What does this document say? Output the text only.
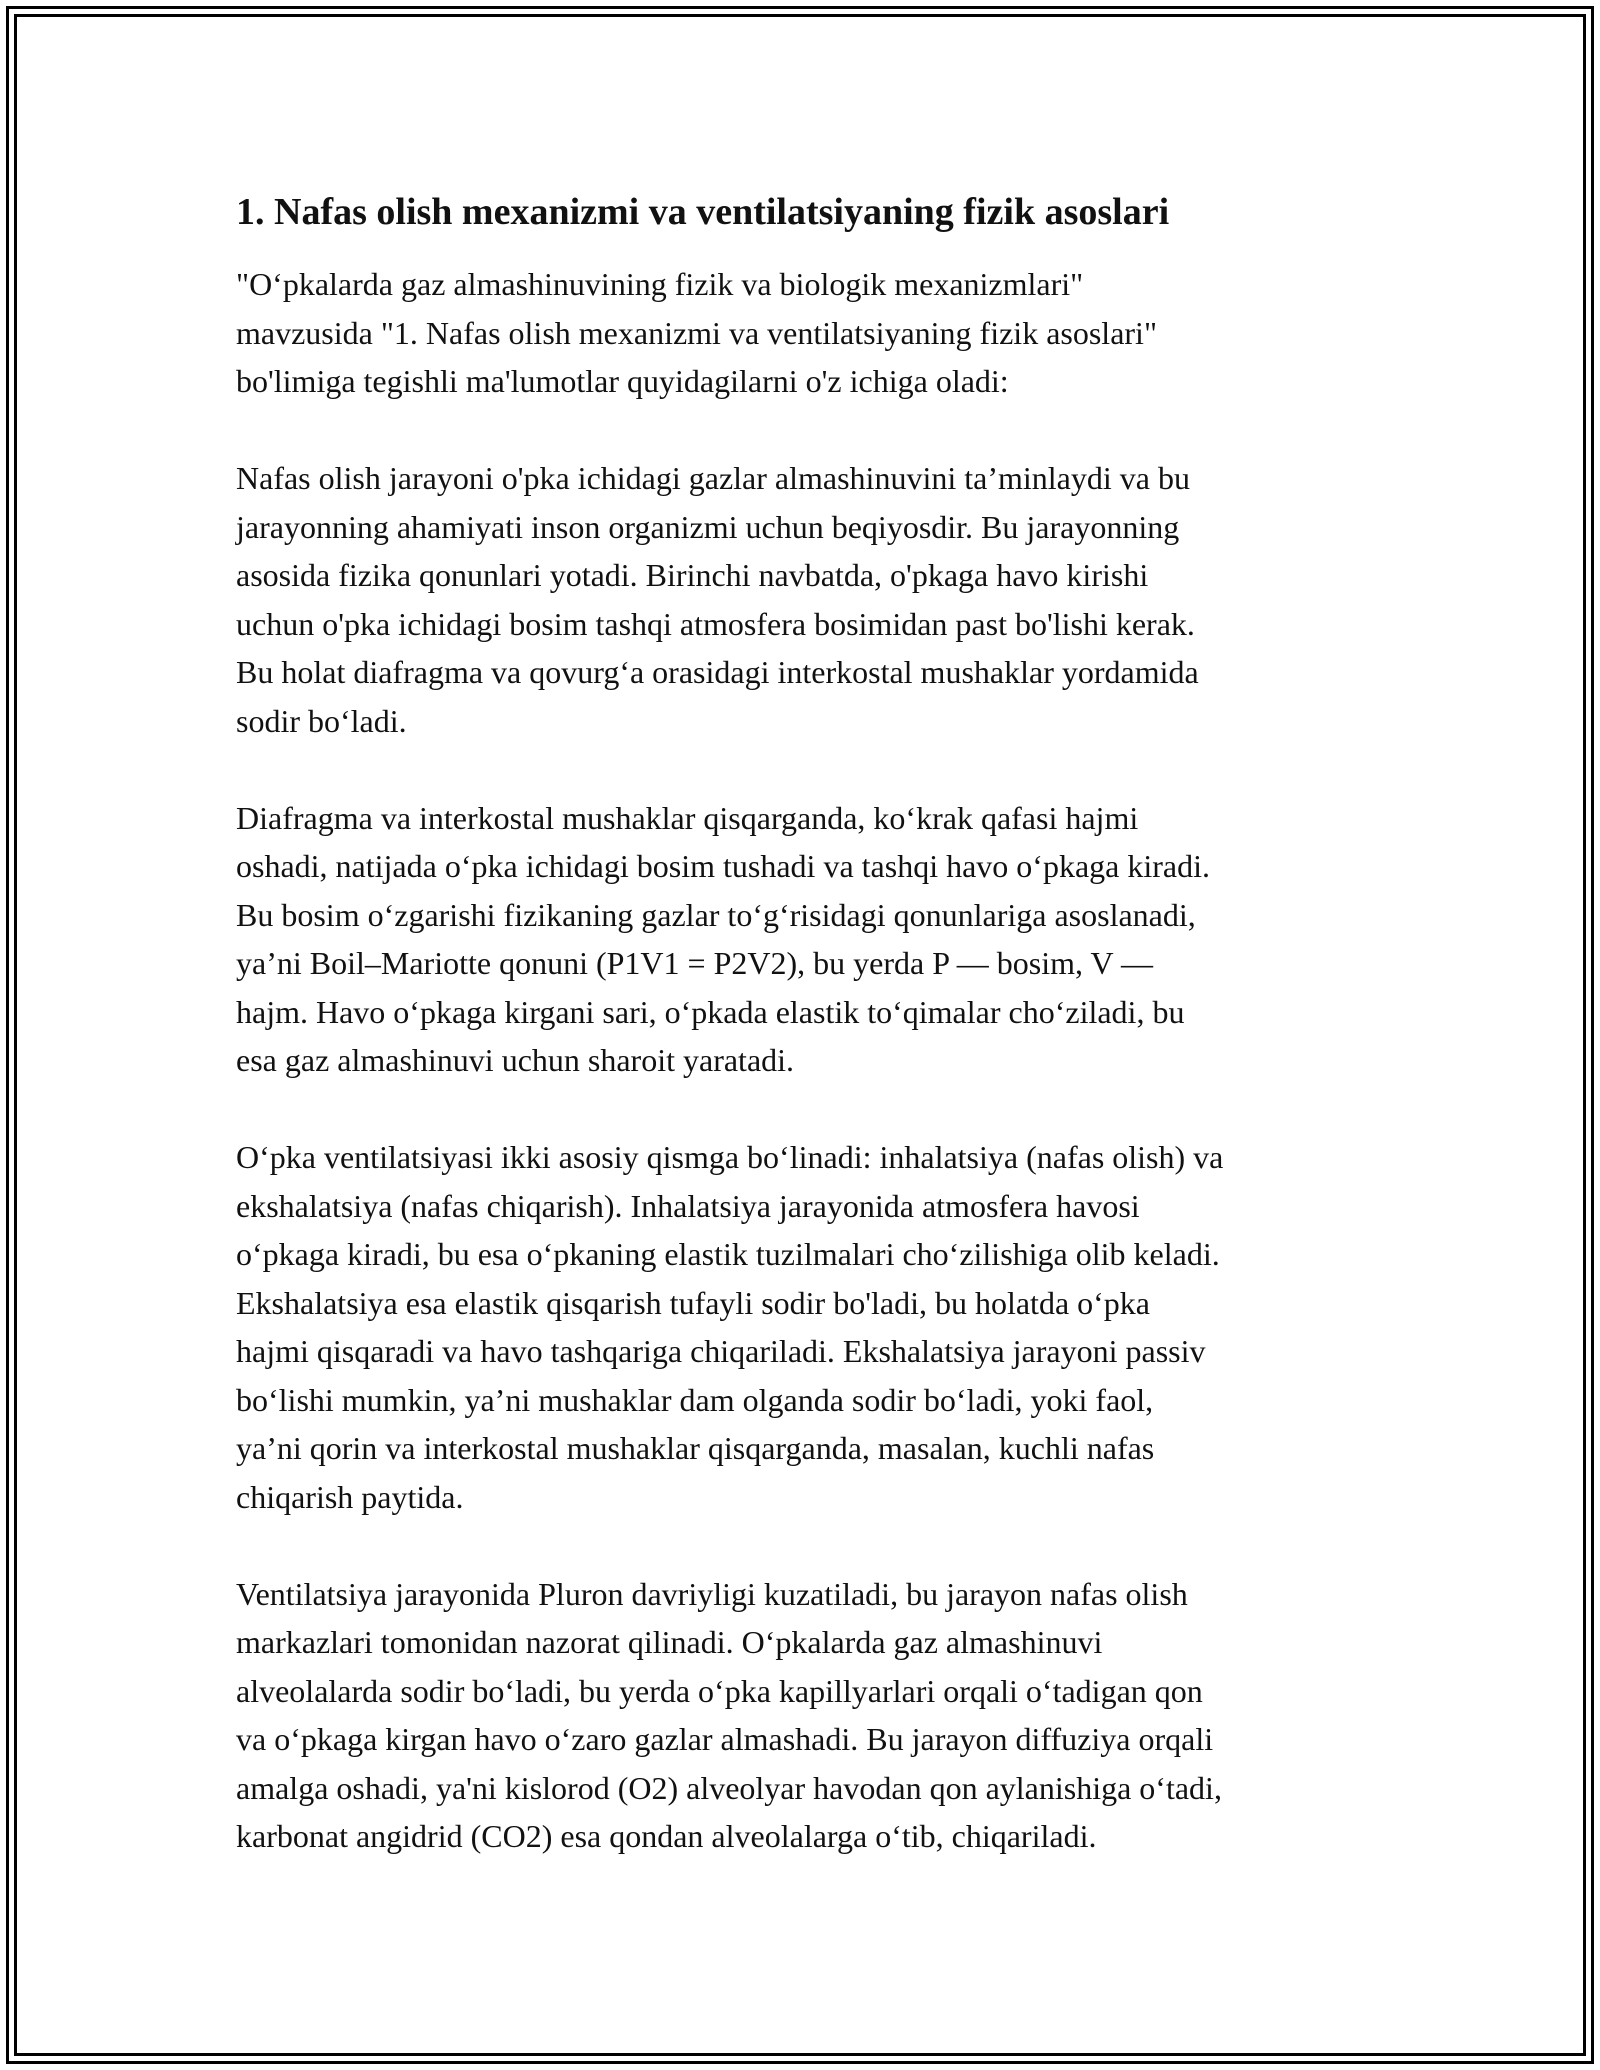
1. Nafas olish mexanizmi va ventilatsiyaning fizik asoslari

"O‘pkalarda gaz almashinuvining fizik va biologik mexanizmlari"
mavzusida "1. Nafas olish mexanizmi va ventilatsiyaning fizik asoslari"
bo'limiga tegishli ma'lumotlar quyidagilarni o'z ichiga oladi:

Nafas olish jarayoni o'pka ichidagi gazlar almashinuvini ta’minlaydi va bu
jarayonning ahamiyati inson organizmi uchun beqiyosdir. Bu jarayonning
asosida fizika qonunlari yotadi. Birinchi navbatda, o'pkaga havo kirishi
uchun o'pka ichidagi bosim tashqi atmosfera bosimidan past bo'lishi kerak.
Bu holat diafragma va qovurg‘a orasidagi interkostal mushaklar yordamida
sodir bo‘ladi.

Diafragma va interkostal mushaklar qisqarganda, ko‘krak qafasi hajmi
oshadi, natijada o‘pka ichidagi bosim tushadi va tashqi havo o‘pkaga kiradi.
Bu bosim o‘zgarishi fizikaning gazlar to‘g‘risidagi qonunlariga asoslanadi,
ya’ni Boil–Mariotte qonuni (P1V1 = P2V2), bu yerda P — bosim, V —
hajm. Havo o‘pkaga kirgani sari, o‘pkada elastik to‘qimalar cho‘ziladi, bu
esa gaz almashinuvi uchun sharoit yaratadi.

O‘pka ventilatsiyasi ikki asosiy qismga bo‘linadi: inhalatsiya (nafas olish) va
ekshalatsiya (nafas chiqarish). Inhalatsiya jarayonida atmosfera havosi
o‘pkaga kiradi, bu esa o‘pkaning elastik tuzilmalari cho‘zilishiga olib keladi.
Ekshalatsiya esa elastik qisqarish tufayli sodir bo'ladi, bu holatda o‘pka
hajmi qisqaradi va havo tashqariga chiqariladi. Ekshalatsiya jarayoni passiv
bo‘lishi mumkin, ya’ni mushaklar dam olganda sodir bo‘ladi, yoki faol,
ya’ni qorin va interkostal mushaklar qisqarganda, masalan, kuchli nafas
chiqarish paytida.

Ventilatsiya jarayonida Pluron davriyligi kuzatiladi, bu jarayon nafas olish
markazlari tomonidan nazorat qilinadi. O‘pkalarda gaz almashinuvi
alveolalarda sodir bo‘ladi, bu yerda o‘pka kapillyarlari orqali o‘tadigan qon
va o‘pkaga kirgan havo o‘zaro gazlar almashadi. Bu jarayon diffuziya orqali
amalga oshadi, ya'ni kislorod (O2) alveolyar havodan qon aylanishiga o‘tadi,
karbonat angidrid (CO2) esa qondan alveolalarga o‘tib, chiqariladi.
